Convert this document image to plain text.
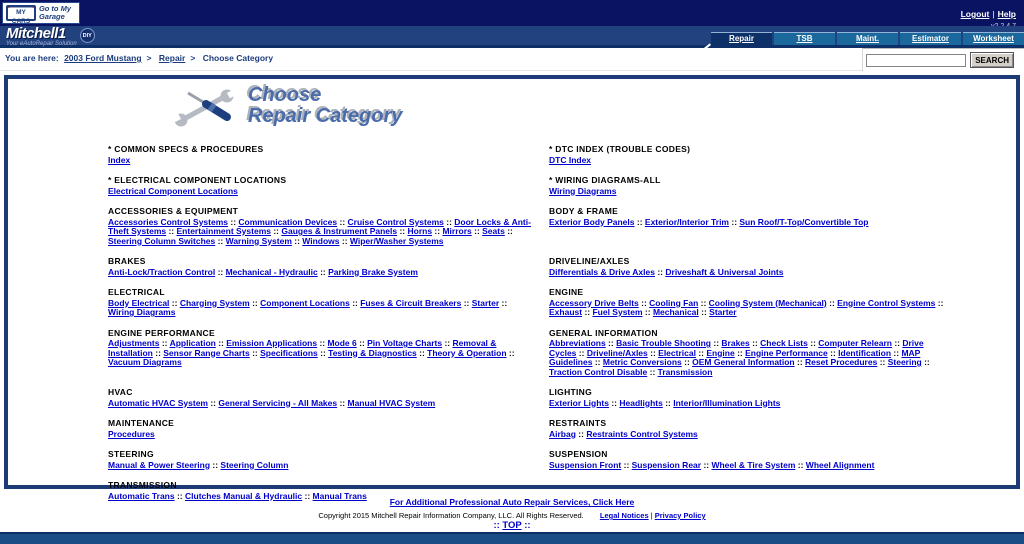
MY CARS
Go to My Garage	Logout | Help
Mitchell1
Your eAutoRepair Solution
DIY	Repair	TSB	Maint.	Estimator	Worksheet
You are here: 2003 Ford Mustang > Repair > Choose Category	SEARCH
Choose
Repair Category
* COMMON SPECS & PROCEDURES
Index
* DTC INDEX (TROUBLE CODES)
DTC Index
* ELECTRICAL COMPONENT LOCATIONS
Electrical Component Locations
* WIRING DIAGRAMS-ALL
Wiring Diagrams
ACCESSORIES & EQUIPMENT
Accessories Control Systems :: Communication Devices :: Cruise Control Systems :: Door Locks & Anti-Theft Systems :: Entertainment Systems :: Gauges & Instrument Panels :: Horns :: Mirrors :: Seats :: Steering Column Switches :: Warning System :: Windows :: Wiper/Washer Systems
BODY & FRAME
Exterior Body Panels :: Exterior/Interior Trim :: Sun Roof/T-Top/Convertible Top
BRAKES
Anti-Lock/Traction Control :: Mechanical - Hydraulic :: Parking Brake System
DRIVELINE/AXLES
Differentials & Drive Axles :: Driveshaft & Universal Joints
ELECTRICAL
Body Electrical :: Charging System :: Component Locations :: Fuses & Circuit Breakers :: Starter :: Wiring Diagrams
ENGINE
Accessory Drive Belts :: Cooling Fan :: Cooling System (Mechanical) :: Engine Control Systems :: Exhaust :: Fuel System :: Mechanical :: Starter
ENGINE PERFORMANCE
Adjustments :: Application :: Emission Applications :: Mode 6 :: Pin Voltage Charts :: Removal & Installation :: Sensor Range Charts :: Specifications :: Testing & Diagnostics :: Theory & Operation :: Vacuum Diagrams
GENERAL INFORMATION
Abbreviations :: Basic Trouble Shooting :: Brakes :: Check Lists :: Computer Relearn :: Drive Cycles :: Driveline/Axles :: Electrical :: Engine :: Engine Performance :: Identification :: MAP Guidelines :: Metric Conversions :: OEM General Information :: Reset Procedures :: Steering :: Traction Control Disable :: Transmission
HVAC
Automatic HVAC System :: General Servicing - All Makes :: Manual HVAC System
LIGHTING
Exterior Lights :: Headlights :: Interior/Illumination Lights
MAINTENANCE
Procedures
RESTRAINTS
Airbag :: Restraints Control Systems
STEERING
Manual & Power Steering :: Steering Column
SUSPENSION
Suspension Front :: Suspension Rear :: Wheel & Tire System :: Wheel Alignment
TRANSMISSION
Automatic Trans :: Clutches Manual & Hydraulic :: Manual Trans
For Additional Professional Auto Repair Services, Click Here
Copyright 2015 Mitchell Repair Information Company, LLC. All Rights Reserved. Legal Notices | Privacy Policy
:: TOP ::
